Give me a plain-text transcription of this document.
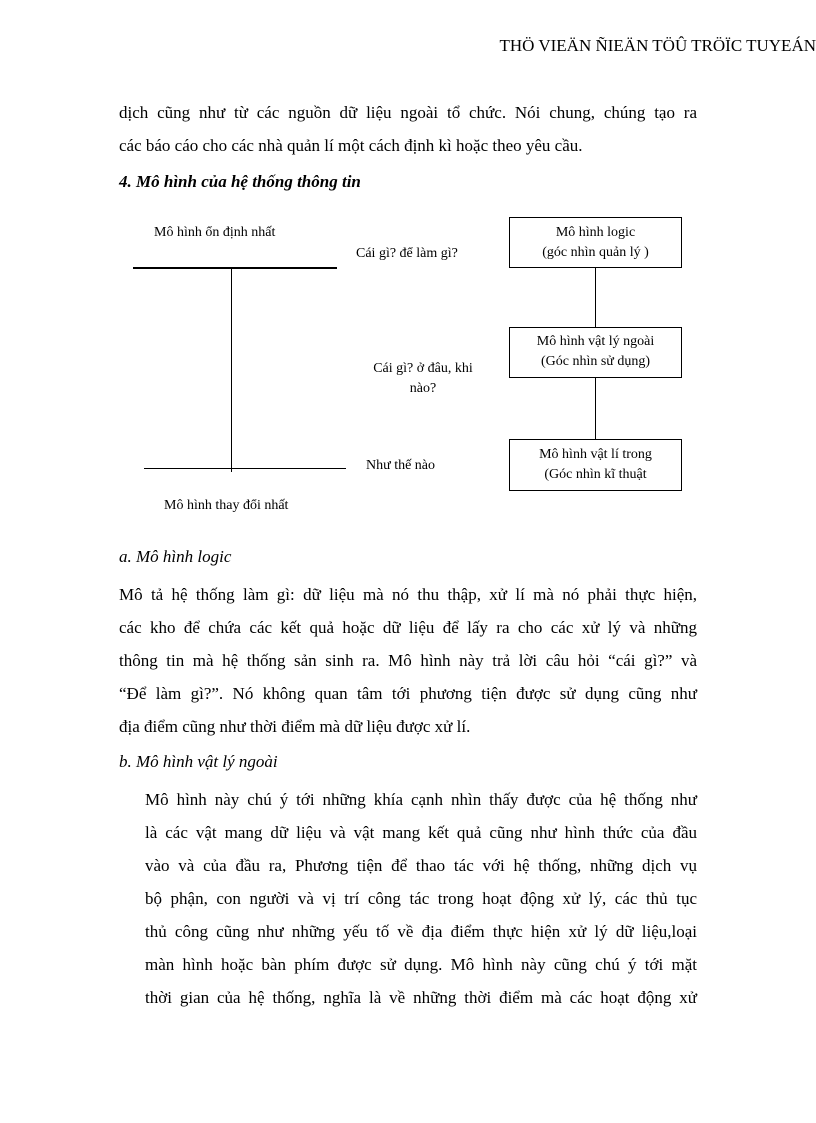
THÖ VIEÄN ÑIEÄN TÖÛ TRÖÏC TUYEÁN
dịch cũng như từ các nguồn dữ liệu ngoài tổ chức. Nói chung, chúng tạo ra
các báo cáo cho các nhà quản lí một cách định kì hoặc theo yêu cầu.
4. Mô hình của hệ thống thông tin
Mô hình ổn định nhất
Mô hình thay đổi nhất
Cái gì? để làm gì?
Cái gì? ở đâu, khi
nào?
Như thế nào
Mô hình logic
(góc nhìn quản lý )
Mô hình vật lý ngoài
(Góc nhìn sử dụng)
Mô hình vật lí trong
(Góc nhìn kĩ thuật
a. Mô hình logic
Mô tả hệ thống làm gì: dữ liệu mà nó thu thập, xử lí mà nó phải thực hiện,
các kho để chứa các kết quả hoặc dữ liệu để lấy ra cho các xử lý và những
thông tin mà hệ thống sản sinh ra. Mô hình này trả lời câu hỏi “cái gì?” và
“Để làm gì?”. Nó không quan tâm tới phương tiện được sử dụng cũng như
địa điểm cũng như thời điểm mà dữ liệu được xử lí.
b. Mô hình vật lý ngoài
Mô hình này chú ý tới những khía cạnh nhìn thấy được của hệ thống như
là các vật mang dữ liệu và vật mang kết quả cũng như hình thức của đầu
vào và của đầu ra, Phương tiện để thao tác với hệ thống, những dịch vụ
bộ phận, con người và vị trí công tác trong hoạt động xử lý, các thủ tục
thủ công cũng như những yếu tố về địa điểm thực hiện xử lý dữ liệu,loại
màn hình hoặc bàn phím được sử dụng. Mô hình này cũng chú ý tới mặt
thời gian của hệ thống, nghĩa là về những thời điểm mà các hoạt động xử
